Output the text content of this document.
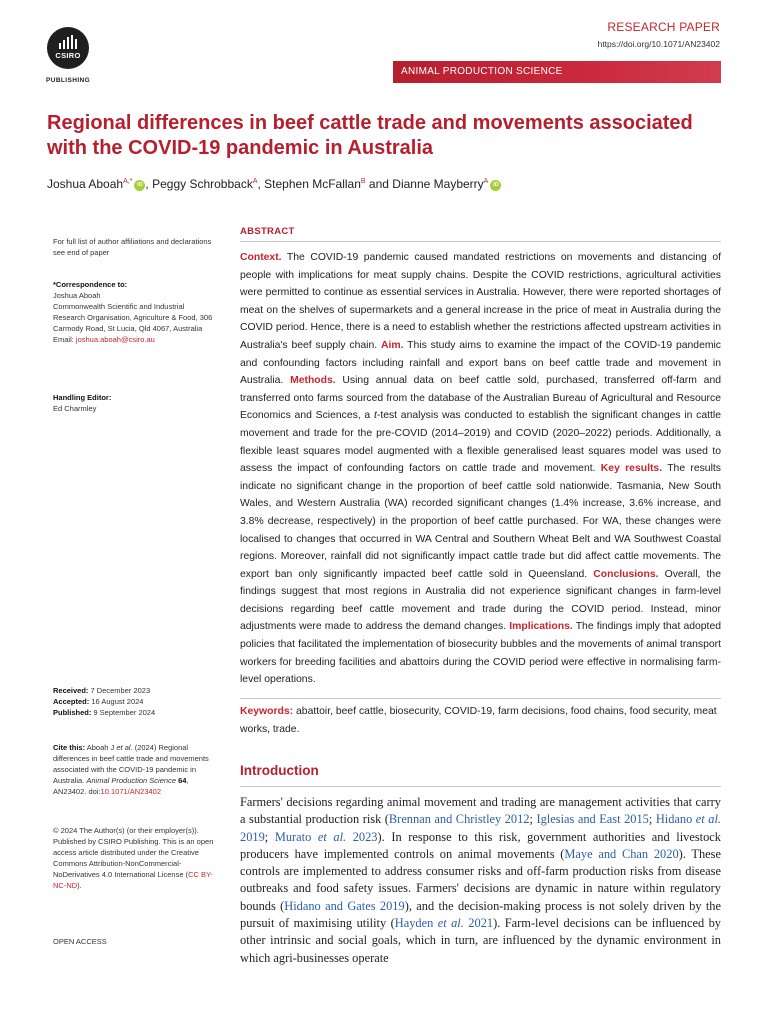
CSIRO
PUBLISHING
RESEARCH PAPER
https://doi.org/10.1071/AN23402
ANIMAL PRODUCTION SCIENCE
Regional differences in beef cattle trade and movements associated with the COVID-19 pandemic in Australia
Joshua Aboah$^{A,*}$ iD , Peggy Schrobback$^A$, Stephen McFallan$^B$ and Dianne Mayberry$^A$ iD
For full list of author affiliations and declarations see end of paper
*Correspondence to:
Joshua Aboah
Commonwealth Scientific and Industrial Research Organisation, Agriculture & Food, 306 Carmody Road, St Lucia, Qld 4067, Australia
Email: joshua.aboah@csiro.au
Handling Editor:
Ed Charmley
Received: 7 December 2023
Accepted: 16 August 2024
Published: 9 September 2024
Cite this: Aboah J et al. (2024) Regional differences in beef cattle trade and movements associated with the COVID-19 pandemic in Australia. Animal Production Science 64, AN23402. doi:10.1071/AN23402
© 2024 The Author(s) (or their employer(s)). Published by CSIRO Publishing. This is an open access article distributed under the Creative Commons Attribution-NonCommercial-NoDerivatives 4.0 International License (CC BY-NC-ND).
OPEN ACCESS
ABSTRACT
Context. The COVID-19 pandemic caused mandated restrictions on movements and distancing of people with implications for meat supply chains. Despite the COVID restrictions, agricultural activities were permitted to continue as essential services in Australia. However, there were reported shortages of meat on the shelves of supermarkets and a general increase in the price of meat in Australia during the COVID period. Hence, there is a need to establish whether the restrictions affected upstream activities in Australia's beef supply chain. Aim. This study aims to examine the impact of the COVID-19 pandemic and confounding factors including rainfall and export bans on beef cattle trade and movement in Australia. Methods. Using annual data on beef cattle sold, purchased, transferred off-farm and transferred onto farms sourced from the database of the Australian Bureau of Agricultural and Resource Economics and Sciences, a t-test analysis was conducted to establish the significant changes in cattle movement and trade for the pre-COVID (2014–2019) and COVID (2020–2022) periods. Additionally, a flexible least squares model augmented with a flexible generalised least squares model was used to assess the impact of confounding factors on cattle trade and movement. Key results. The results indicate no significant change in the proportion of beef cattle sold nationwide. Tasmania, New South Wales, and Western Australia (WA) recorded significant changes (1.4% increase, 3.6% increase, and 3.8% decrease, respectively) in the proportion of beef cattle purchased. For WA, these changes were localised to changes that occurred in WA Central and Southern Wheat Belt and WA Southwest Coastal regions. Moreover, rainfall did not significantly impact cattle trade but did affect cattle movements. The export ban only significantly impacted beef cattle sold in Queensland. Conclusions. Overall, the findings suggest that most regions in Australia did not experience significant changes in farm-level decisions regarding beef cattle movement and trade during the COVID period. Instead, minor adjustments were made to address the demand changes. Implications. The findings imply that adopted policies that facilitated the implementation of biosecurity bubbles and the movements of animal transport workers for breeding facilities and abattoirs during the COVID period were effective in normalising farm-level operations.
Keywords: abattoir, beef cattle, biosecurity, COVID-19, farm decisions, food chains, food security, meat works, trade.
Introduction
Farmers' decisions regarding animal movement and trading are management activities that carry a substantial production risk (Brennan and Christley 2012; Iglesias and East 2015; Hidano et al. 2019; Murato et al. 2023). In response to this risk, government authorities and livestock producers have implemented controls on animal movements (Maye and Chan 2020). These controls are implemented to address consumer risks and off-farm production risks from disease outbreaks and food safety issues. Farmers' decisions are dynamic in nature within regulatory bounds (Hidano and Gates 2019), and the decision-making process is not solely driven by the pursuit of maximising utility (Hayden et al. 2021). Farm-level decisions can be influenced by other intrinsic and social goals, which in turn, are influenced by the dynamic environment in which agri-businesses operate
